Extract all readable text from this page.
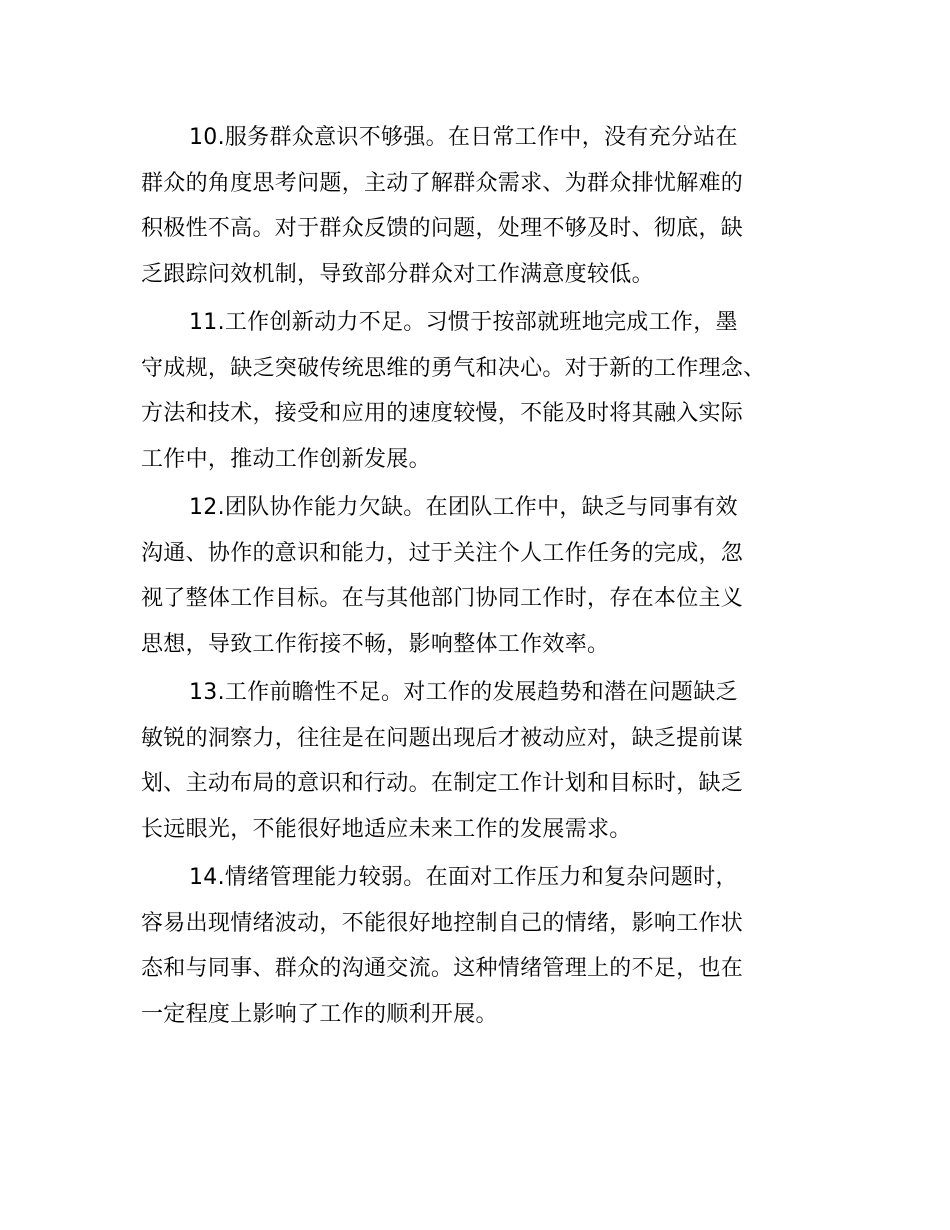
10.服务群众意识不够强。在日常工作中，没有充分站在
群众的角度思考问题，主动了解群众需求、为群众排忧解难的
积极性不高。对于群众反馈的问题，处理不够及时、彻底，缺
乏跟踪问效机制，导致部分群众对工作满意度较低。

11.工作创新动力不足。习惯于按部就班地完成工作，墨
守成规，缺乏突破传统思维的勇气和决心。对于新的工作理念、
方法和技术，接受和应用的速度较慢，不能及时将其融入实际
工作中，推动工作创新发展。

12.团队协作能力欠缺。在团队工作中，缺乏与同事有效
沟通、协作的意识和能力，过于关注个人工作任务的完成，忽
视了整体工作目标。在与其他部门协同工作时，存在本位主义
思想，导致工作衔接不畅，影响整体工作效率。

13.工作前瞻性不足。对工作的发展趋势和潜在问题缺乏
敏锐的洞察力，往往是在问题出现后才被动应对，缺乏提前谋
划、主动布局的意识和行动。在制定工作计划和目标时，缺乏
长远眼光，不能很好地适应未来工作的发展需求。

14.情绪管理能力较弱。在面对工作压力和复杂问题时，
容易出现情绪波动，不能很好地控制自己的情绪，影响工作状
态和与同事、群众的沟通交流。这种情绪管理上的不足，也在
一定程度上影响了工作的顺利开展。
